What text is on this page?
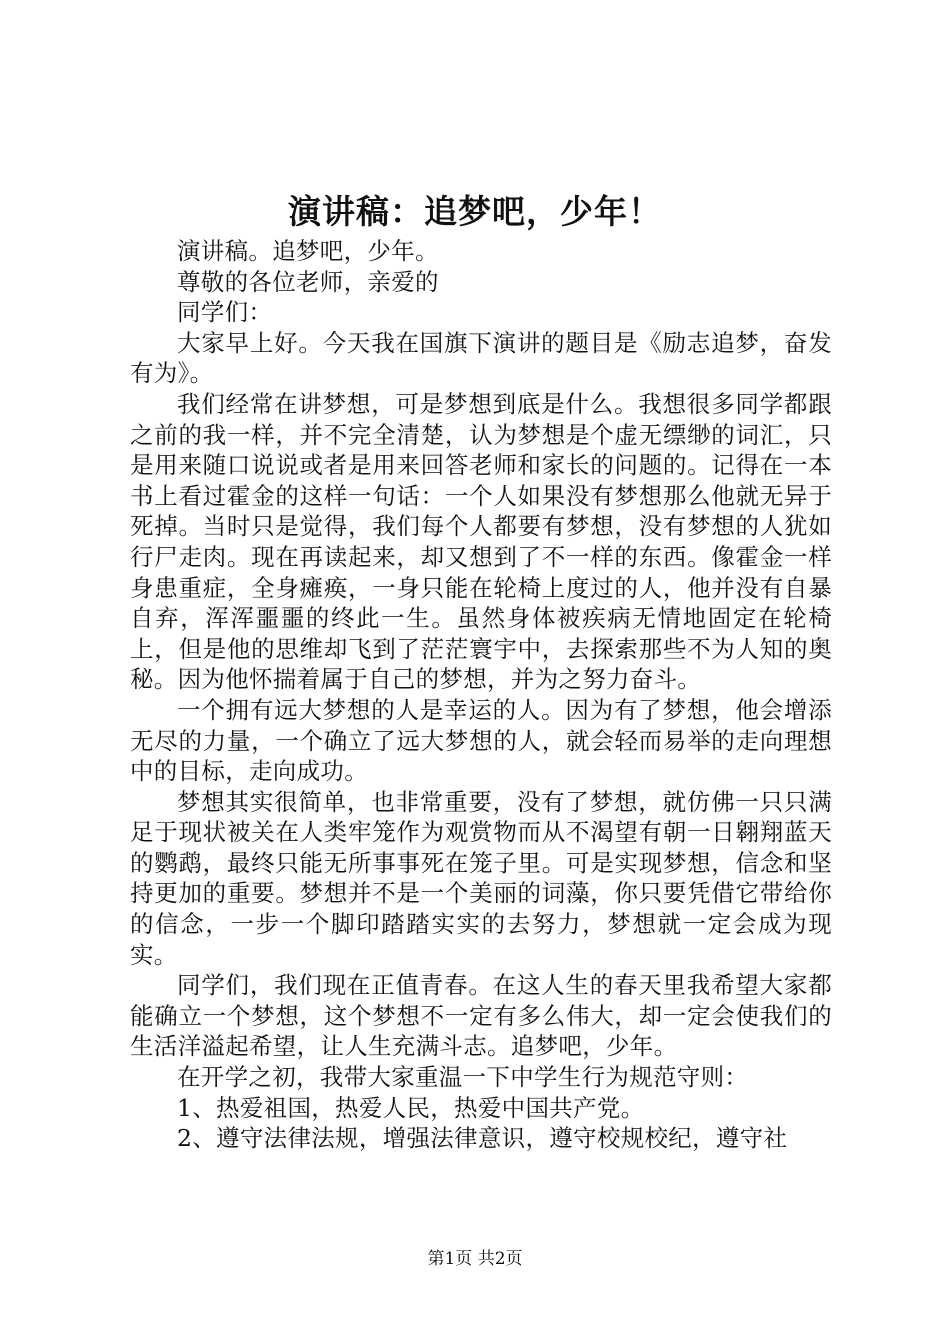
演讲稿：追梦吧，少年！

演讲稿。追梦吧，少年。

尊敬的各位老师，亲爱的

同学们：

大家早上好。今天我在国旗下演讲的题目是《励志追梦，奋发有为》。

我们经常在讲梦想，可是梦想到底是什么。我想很多同学都跟之前的我一样，并不完全清楚，认为梦想是个虚无缥缈的词汇，只是用来随口说说或者是用来回答老师和家长的问题的。记得在一本书上看过霍金的这样一句话：一个人如果没有梦想那么他就无异于死掉。当时只是觉得，我们每个人都要有梦想，没有梦想的人犹如行尸走肉。现在再读起来，却又想到了不一样的东西。像霍金一样身患重症，全身瘫痪，一身只能在轮椅上度过的人，他并没有自暴自弃，浑浑噩噩的终此一生。虽然身体被疾病无情地固定在轮椅上，但是他的思维却飞到了茫茫寰宇中，去探索那些不为人知的奥秘。因为他怀揣着属于自己的梦想，并为之努力奋斗。

一个拥有远大梦想的人是幸运的人。因为有了梦想，他会增添无尽的力量，一个确立了远大梦想的人，就会轻而易举的走向理想中的目标，走向成功。

梦想其实很简单，也非常重要，没有了梦想，就仿佛一只只满足于现状被关在人类牢笼作为观赏物而从不渴望有朝一日翱翔蓝天的鹦鹉，最终只能无所事事死在笼子里。可是实现梦想，信念和坚持更加的重要。梦想并不是一个美丽的词藻，你只要凭借它带给你的信念，一步一个脚印踏踏实实的去努力，梦想就一定会成为现实。

同学们，我们现在正值青春。在这人生的春天里我希望大家都能确立一个梦想，这个梦想不一定有多么伟大，却一定会使我们的生活洋溢起希望，让人生充满斗志。追梦吧，少年。

在开学之初，我带大家重温一下中学生行为规范守则：

1、热爱祖国，热爱人民，热爱中国共产党。

2、遵守法律法规，增强法律意识，遵守校规校纪，遵守社

第1页 共2页
